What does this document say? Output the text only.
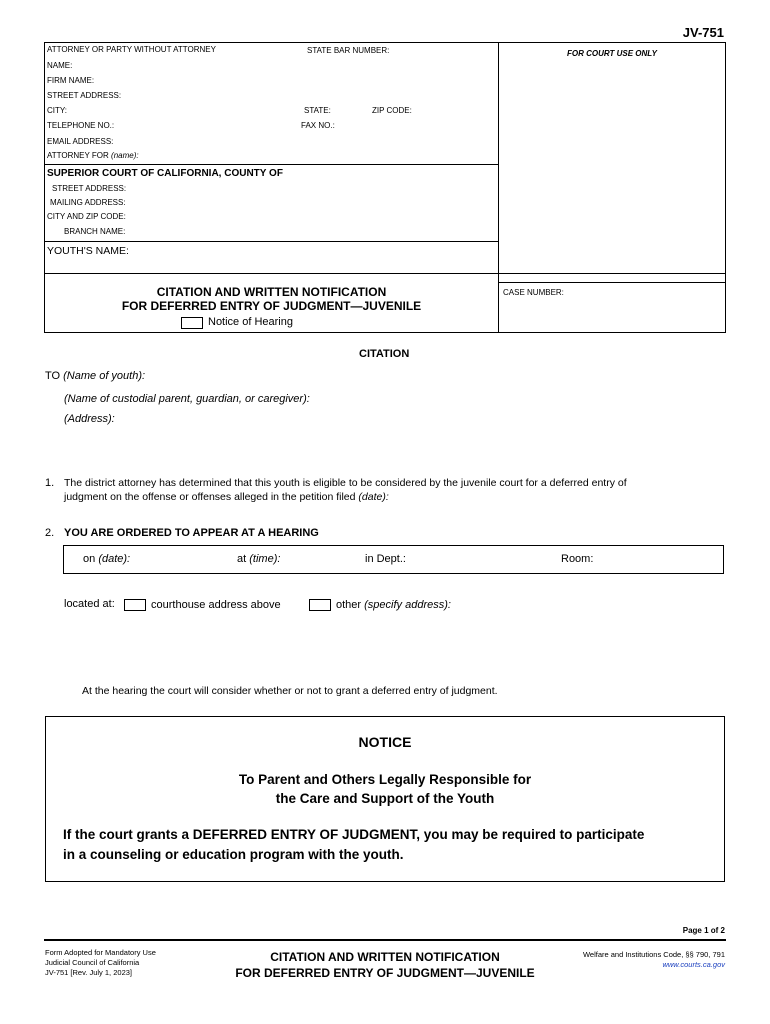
JV-751
ATTORNEY OR PARTY WITHOUT ATTORNEY	STATE BAR NUMBER:	FOR COURT USE ONLY
NAME:
FIRM NAME:
STREET ADDRESS:
CITY:	STATE:	ZIP CODE:
TELEPHONE NO.:	FAX NO.:
EMAIL ADDRESS:
ATTORNEY FOR (name):
SUPERIOR COURT OF CALIFORNIA, COUNTY OF
STREET ADDRESS:
MAILING ADDRESS:
CITY AND ZIP CODE:
BRANCH NAME:
YOUTH'S NAME:
CITATION AND WRITTEN NOTIFICATION
FOR DEFERRED ENTRY OF JUDGMENT—JUVENILE
Notice of Hearing
CASE NUMBER:
CITATION
TO (Name of youth):
(Name of custodial parent, guardian, or caregiver):
(Address):
1. The district attorney has determined that this youth is eligible to be considered by the juvenile court for a deferred entry of
judgment on the offense or offenses alleged in the petition filed (date):
2. YOU ARE ORDERED TO APPEAR AT A HEARING
on (date):	at (time):	in Dept.:	Room:
located at:	courthouse address above	other (specify address):
At the hearing the court will consider whether or not to grant a deferred entry of judgment.
NOTICE
To Parent and Others Legally Responsible for
the Care and Support of the Youth
If the court grants a DEFERRED ENTRY OF JUDGMENT, you may be required to participate
in a counseling or education program with the youth.
Page 1 of 2
Form Adopted for Mandatory Use
Judicial Council of California
JV-751 [Rev. July 1, 2023]
CITATION AND WRITTEN NOTIFICATION
FOR DEFERRED ENTRY OF JUDGMENT—JUVENILE
Welfare and Institutions Code, §§ 790, 791
www.courts.ca.gov
